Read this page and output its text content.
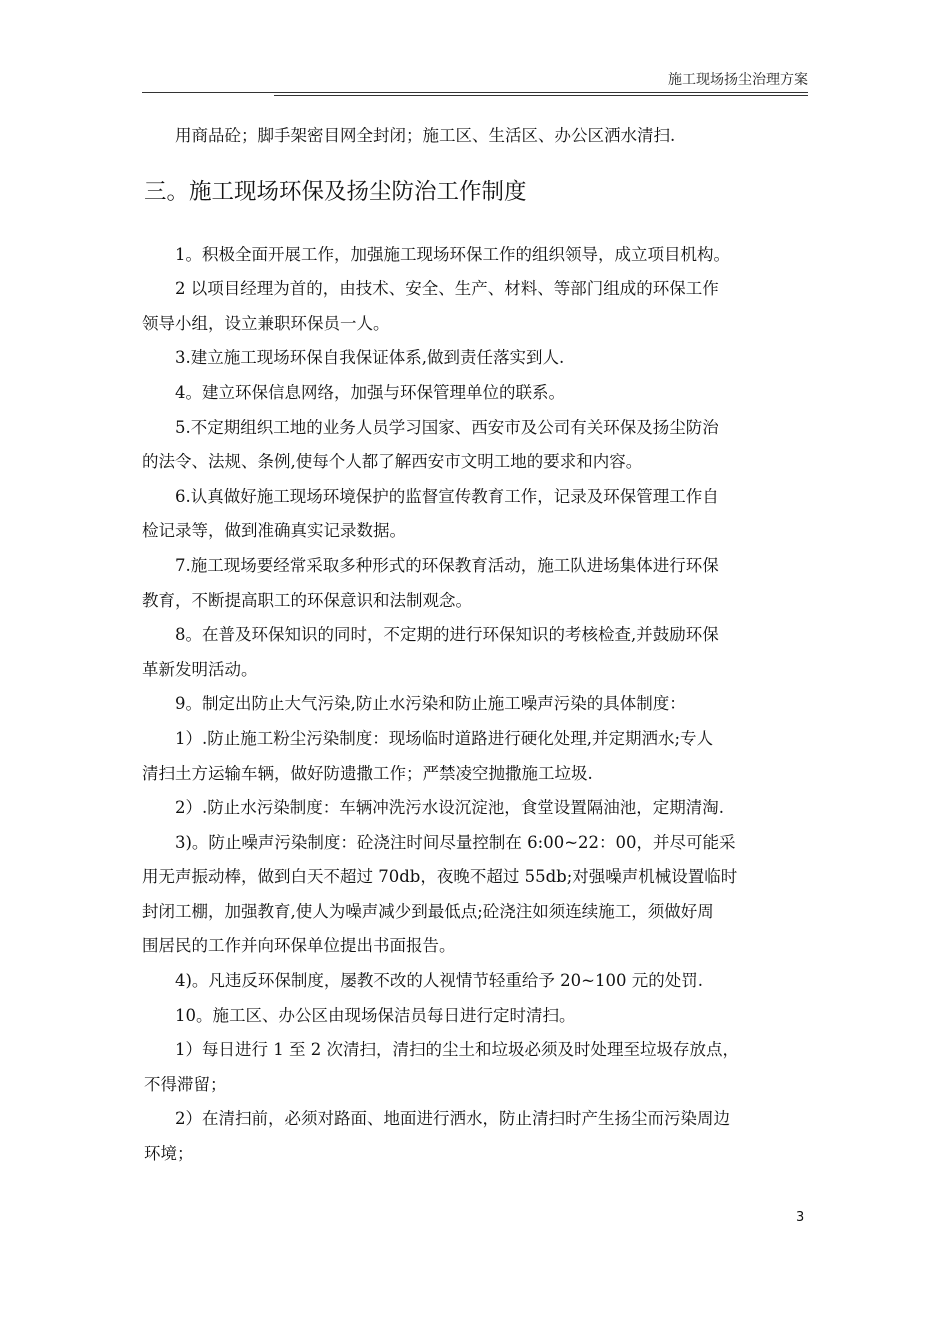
施工现场扬尘治理方案

用商品砼；脚手架密目网全封闭；施工区、生活区、办公区洒水清扫.

三。施工现场环保及扬尘防治工作制度

1。积极全面开展工作，加强施工现场环保工作的组织领导，成立项目机构。

2 以项目经理为首的，由技术、安全、生产、材料、等部门组成的环保工作

领导小组，设立兼职环保员一人。

3.建立施工现场环保自我保证体系,做到责任落实到人.

4。建立环保信息网络，加强与环保管理单位的联系。

5.不定期组织工地的业务人员学习国家、西安市及公司有关环保及扬尘防治

的法令、法规、条例,使每个人都了解西安市文明工地的要求和内容。

6.认真做好施工现场环境保护的监督宣传教育工作，记录及环保管理工作自

检记录等，做到准确真实记录数据。

7.施工现场要经常采取多种形式的环保教育活动，施工队进场集体进行环保

教育，不断提高职工的环保意识和法制观念。

8。在普及环保知识的同时，不定期的进行环保知识的考核检查,并鼓励环保

革新发明活动。

9。制定出防止大气污染,防止水污染和防止施工噪声污染的具体制度：

1）.防止施工粉尘污染制度：现场临时道路进行硬化处理,并定期洒水;专人

清扫土方运输车辆，做好防遗撒工作；严禁凌空抛撒施工垃圾.

2）.防止水污染制度：车辆冲洗污水设沉淀池，食堂设置隔油池，定期清淘.

3)。防止噪声污染制度：砼浇注时间尽量控制在 6:00~22：00，并尽可能采

用无声振动棒，做到白天不超过 70db，夜晚不超过 55db;对强噪声机械设置临时

封闭工棚，加强教育,使人为噪声减少到最低点;砼浇注如须连续施工，须做好周

围居民的工作并向环保单位提出书面报告。

4)。凡违反环保制度，屡教不改的人视情节轻重给予 20~100 元的处罚.

10。施工区、办公区由现场保洁员每日进行定时清扫。

1）每日进行 1 至 2 次清扫，清扫的尘土和垃圾必须及时处理至垃圾存放点，

不得滞留；

2）在清扫前，必须对路面、地面进行洒水，防止清扫时产生扬尘而污染周边

环境；

3
